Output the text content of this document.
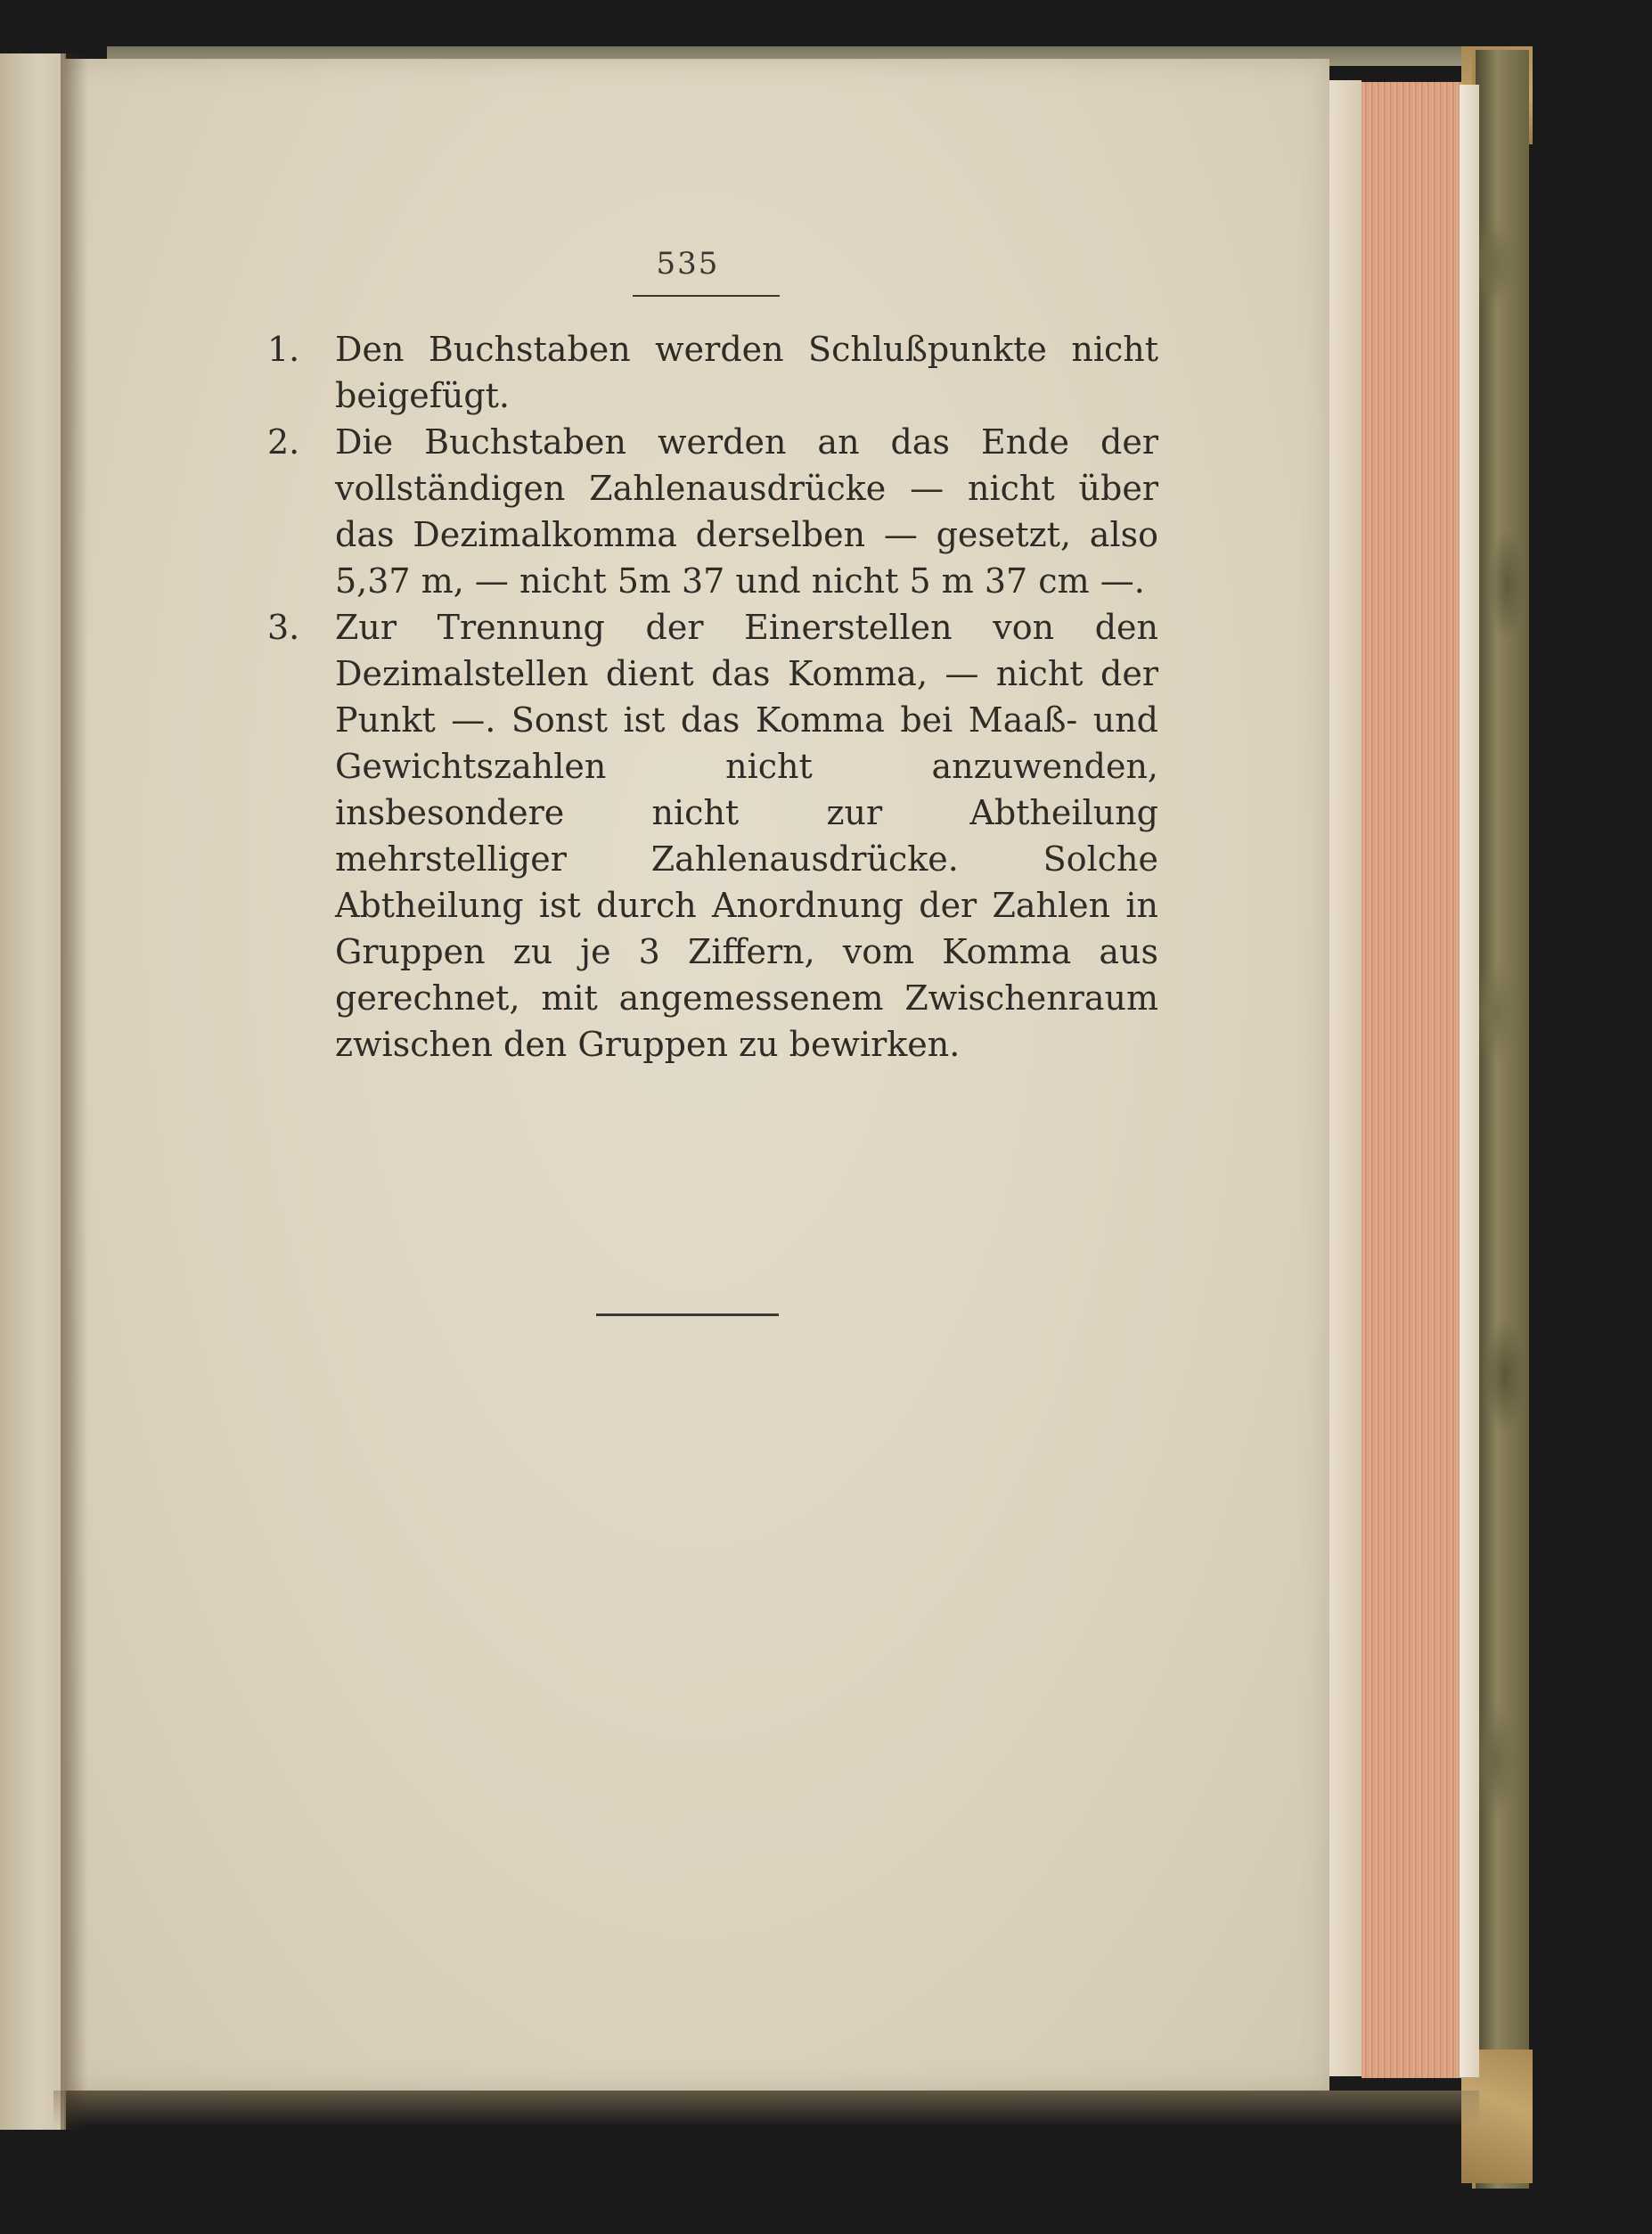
535
1. Den Buchstaben werden Schlußpunkte nicht beigefügt.
2. Die Buchstaben werden an das Ende der vollständigen Zahlenausdrücke — nicht über das Dezimalkomma derselben — gesetzt, also 5,37 m, — nicht 5m 37 und nicht 5 m 37 cm —.
3. Zur Trennung der Einerstellen von den Dezimalstellen dient das Komma, — nicht der Punkt —. Sonst ist das Komma bei Maaß- und Gewichtszahlen nicht anzuwenden, insbesondere nicht zur Abtheilung mehrstelliger Zahlenausdrücke. Solche Abtheilung ist durch Anordnung der Zahlen in Gruppen zu je 3 Ziffern, vom Komma aus gerechnet, mit angemessenem Zwischenraum zwischen den Gruppen zu bewirken.
